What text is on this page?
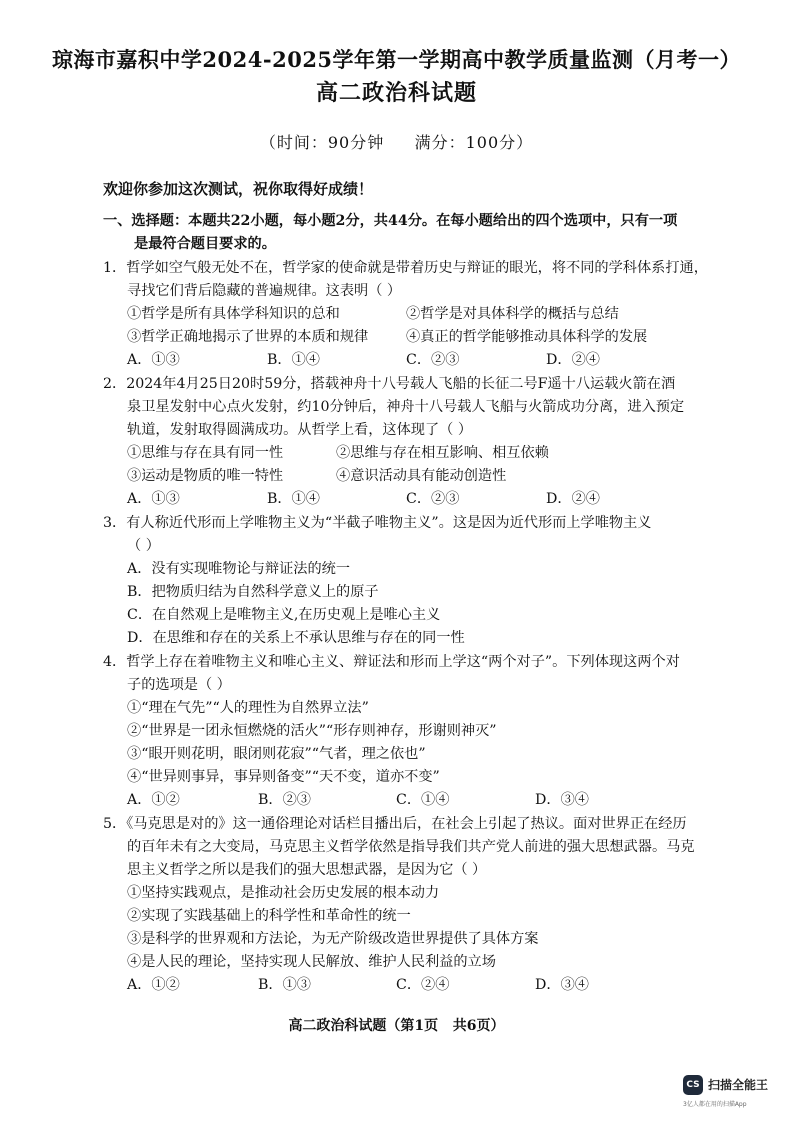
琼海市嘉积中学2024-2025学年第一学期高中教学质量监测（月考一）
高二政治科试题
（时间：90分钟     满分：100分）
欢迎你参加这次测试，祝你取得好成绩！
一、选择题：本题共22小题，每小题2分，共44分。在每小题给出的四个选项中，只有一项
是最符合题目要求的。
1．哲学如空气般无处不在，哲学家的使命就是带着历史与辩证的眼光，将不同的学科体系打通，
寻找它们背后隐藏的普遍规律。这表明（ ）
①哲学是所有具体学科知识的总和	②哲学是对具体科学的概括与总结
③哲学正确地揭示了世界的本质和规律	④真正的哲学能够推动具体科学的发展
A．①③	B．①④	C．②③	D．②④
2．2024年4月25日20时59分，搭载神舟十八号载人飞船的长征二号F遥十八运载火箭在酒
泉卫星发射中心点火发射，约10分钟后，神舟十八号载人飞船与火箭成功分离，进入预定
轨道，发射取得圆满成功。从哲学上看，这体现了（ ）
①思维与存在具有同一性	②思维与存在相互影响、相互依赖
③运动是物质的唯一特性	④意识活动具有能动创造性
A．①③	B．①④	C．②③	D．②④
3．有人称近代形而上学唯物主义为“半截子唯物主义”。这是因为近代形而上学唯物主义
（ ）
A．没有实现唯物论与辩证法的统一
B．把物质归结为自然科学意义上的原子
C．在自然观上是唯物主义,在历史观上是唯心主义
D．在思维和存在的关系上不承认思维与存在的同一性
4．哲学上存在着唯物主义和唯心主义、辩证法和形而上学这“两个对子”。下列体现这两个对
子的选项是（ ）
①“理在气先”“人的理性为自然界立法”
②“世界是一团永恒燃烧的活火”“形存则神存，形谢则神灭”
③“眼开则花明，眼闭则花寂”“气者，理之依也”
④“世异则事异，事异则备变”“天不变，道亦不变”
A．①②	B．②③	C．①④	D．③④
5．《马克思是对的》这一通俗理论对话栏目播出后，在社会上引起了热议。面对世界正在经历
的百年未有之大变局，马克思主义哲学依然是指导我们共产党人前进的强大思想武器。马克
思主义哲学之所以是我们的强大思想武器，是因为它（ ）
①坚持实践观点，是推动社会历史发展的根本动力
②实现了实践基础上的科学性和革命性的统一
③是科学的世界观和方法论，为无产阶级改造世界提供了具体方案
④是人民的理论，坚持实现人民解放、维护人民利益的立场
A．①②	B．①③	C．②④	D．③④
高二政治科试题（第1页   共6页）
CS 扫描全能王
3亿人都在用的扫描App
